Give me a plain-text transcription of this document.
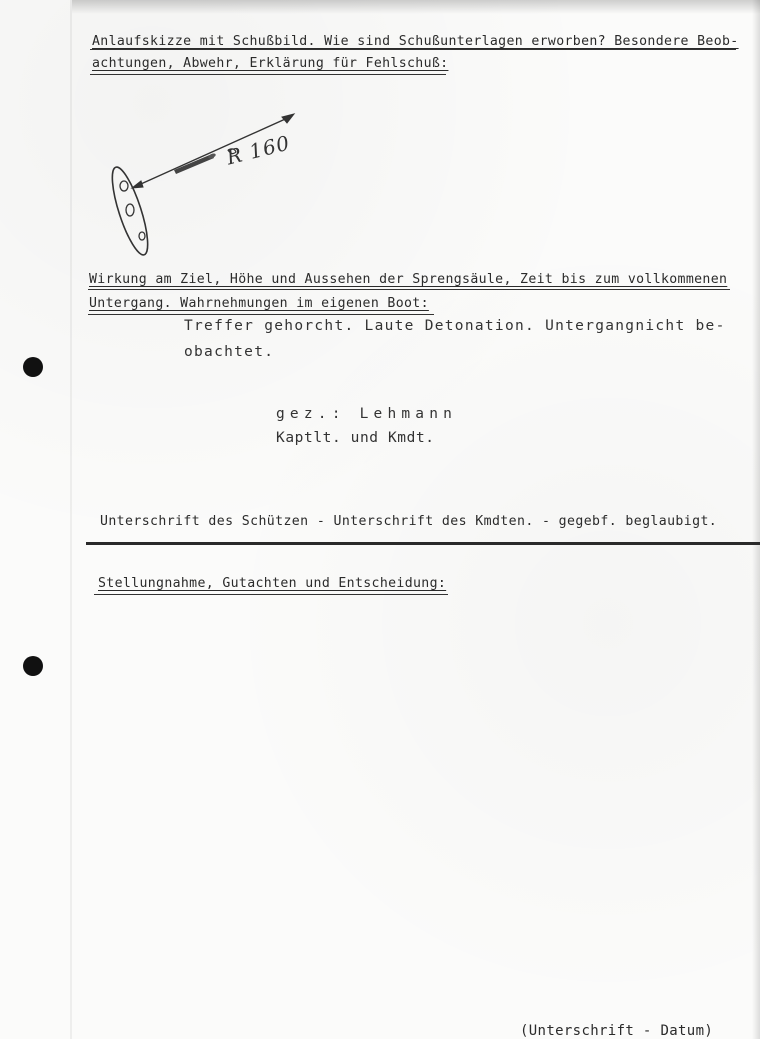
Anlaufskizze mit Schußbild. Wie sind Schußunterlagen erworben? Besondere Beob-
achtungen, Abwehr, Erklärung für Fehlschuß:
R 160
Wirkung am Ziel, Höhe und Aussehen der Sprengsäule, Zeit bis zum vollkommenen
Untergang. Wahrnehmungen im eigenen Boot:
Treffer gehorcht. Laute Detonation. Untergangnicht be-
obachtet.
gez.: Lehmann
Kaptlt. und Kmdt.
Unterschrift des Schützen - Unterschrift des Kmdten. - gegebf. beglaubigt.
Stellungnahme, Gutachten und Entscheidung:
(Unterschrift - Datum)
